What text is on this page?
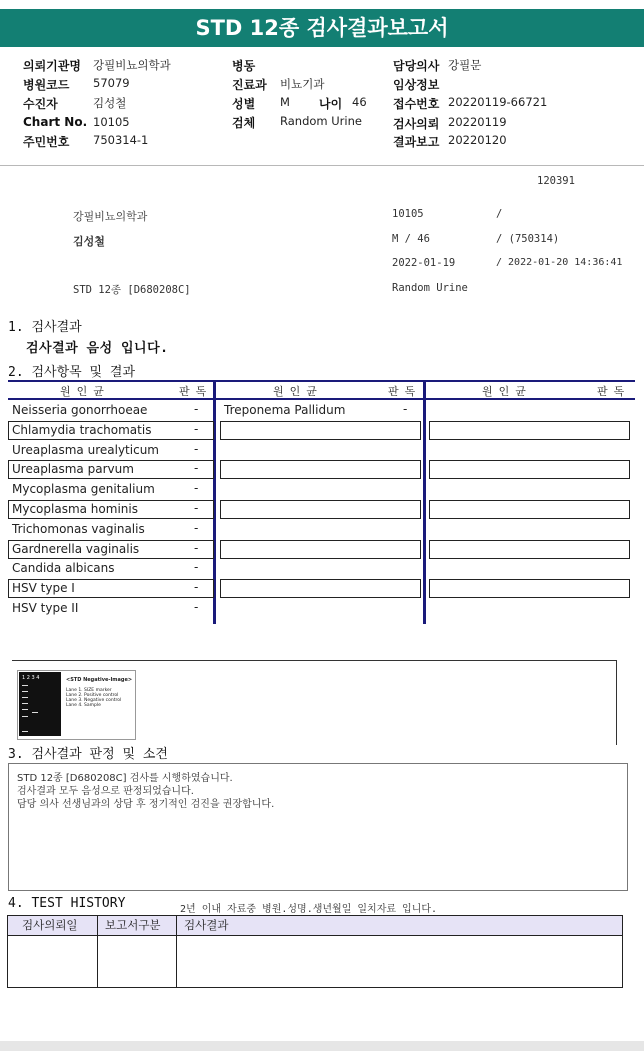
STD 12종 검사결과보고서
의뢰기관명 강필비뇨의학과	병동	담당의사 강필문
병원코드 57079	진료과 비뇨기과	임상정보
수진자	김성철	성별 M 나이 46 접수번호 20220119-66721
Chart No. 10105	검체 Random Urine	검사의뢰 20220119
주민번호 750314-1	결과보고 20220120
120391
강필비뇨의학과	10105	/
김성철	M / 46	/ (750314)
2022-01-19	/ 2022-01-20 14:36:41
STD 12종 [D680208C]	Random Urine
1. 검사결과
검사결과 음성 입니다.
2. 검사항목 및 결과
원인균	판독	원인균	판독	원인균	판독
1 2 3 4	<STD Negative-Image>
Lane 1. SIZE marker
Lane 2. Positive control
Lane 3. Negative control
Lane 4. Sample
3. 검사결과 판정 및 소견
STD 12종 [D680208C] 검사를 시행하였습니다.
검사결과 모두 음성으로 판정되었습니다.
담당 의사 선생님과의 상담 후 정기적인 검진을 권장합니다.
4. TEST HISTORY	2년 이내 자료중 병원.성명.생년월일 일치자료 입니다.
검사의뢰일 보고서구분 검사결과
Neisseria gonorrhoeae	- Treponema Pallidum	-
Chlamydia trachomatis	-
Ureaplasma urealyticum	-
Ureaplasma parvum	-
Mycoplasma genitalium	-
Mycoplasma hominis	-
Trichomonas vaginalis	-
Gardnerella vaginalis	-
Candida albicans	-
HSV type I	-
HSV type II	-
